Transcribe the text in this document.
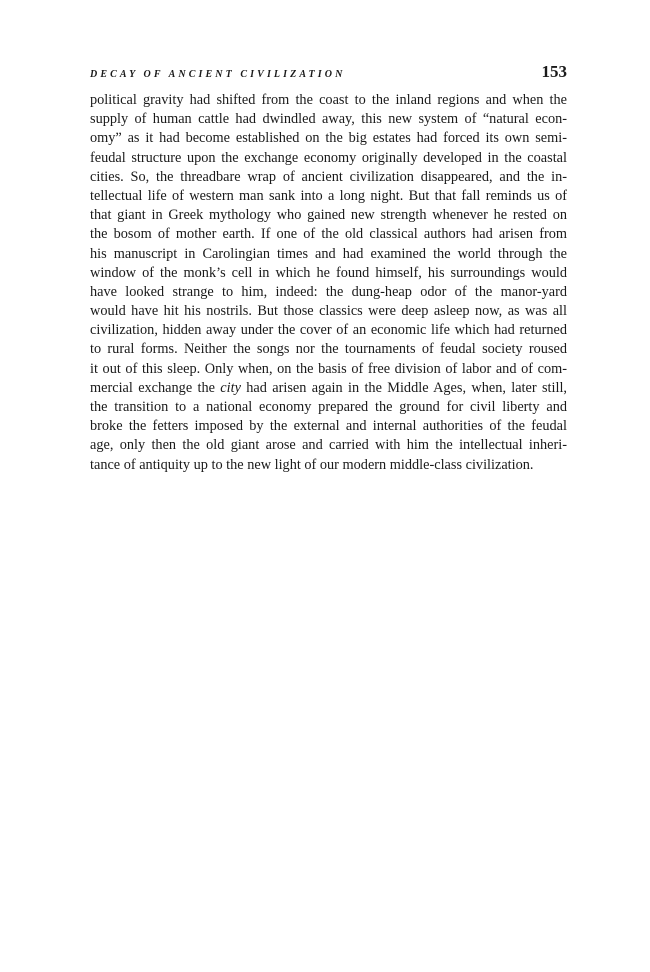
DECAY OF ANCIENT CIVILIZATION	153
political gravity had shifted from the coast to the inland regions and when the
supply of human cattle had dwindled away, this new system of “natural econ-
omy” as it had become established on the big estates had forced its own semi-
feudal structure upon the exchange economy originally developed in the coastal
cities. So, the threadbare wrap of ancient civilization disappeared, and the in-
tellectual life of western man sank into a long night. But that fall reminds us of
that giant in Greek mythology who gained new strength whenever he rested on
the bosom of mother earth. If one of the old classical authors had arisen from
his manuscript in Carolingian times and had examined the world through the
window of the monk’s cell in which he found himself, his surroundings would
have looked strange to him, indeed: the dung-heap odor of the manor-yard
would have hit his nostrils. But those classics were deep asleep now, as was all
civilization, hidden away under the cover of an economic life which had returned
to rural forms. Neither the songs nor the tournaments of feudal society roused
it out of this sleep. Only when, on the basis of free division of labor and of com-
mercial exchange the city had arisen again in the Middle Ages, when, later still,
the transition to a national economy prepared the ground for civil liberty and
broke the fetters imposed by the external and internal authorities of the feudal
age, only then the old giant arose and carried with him the intellectual inheri-
tance of antiquity up to the new light of our modern middle-class civilization.
